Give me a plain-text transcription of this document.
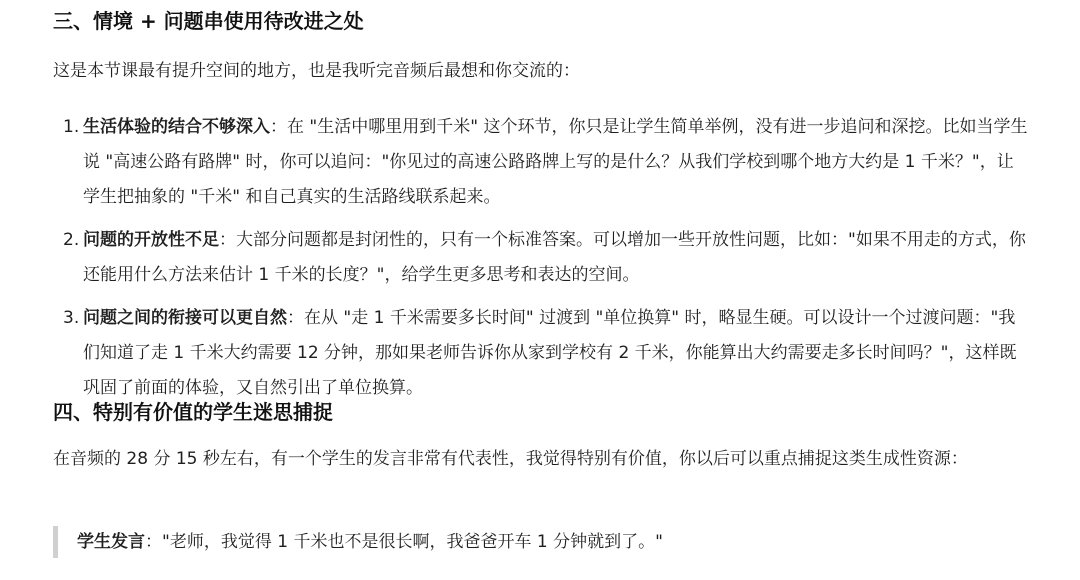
三、情境 + 问题串使用待改进之处

这是本节课最有提升空间的地方，也是我听完音频后最想和你交流的：

1. 生活体验的结合不够深入：在 "生活中哪里用到千米" 这个环节，你只是让学生简单举例，没有进一步追问和深挖。比如当学生说 "高速公路有路牌" 时，你可以追问："你见过的高速公路路牌上写的是什么？从我们学校到哪个地方大约是 1 千米？"，让学生把抽象的 "千米" 和自己真实的生活路线联系起来。
2. 问题的开放性不足：大部分问题都是封闭性的，只有一个标准答案。可以增加一些开放性问题，比如："如果不用走的方式，你还能用什么方法来估计 1 千米的长度？"，给学生更多思考和表达的空间。
3. 问题之间的衔接可以更自然：在从 "走 1 千米需要多长时间" 过渡到 "单位换算" 时，略显生硬。可以设计一个过渡问题："我们知道了走 1 千米大约需要 12 分钟，那如果老师告诉你从家到学校有 2 千米，你能算出大约需要走多长时间吗？"，这样既巩固了前面的体验，又自然引出了单位换算。
四、特别有价值的学生迷思捕捉

在音频的 28 分 15 秒左右，有一个学生的发言非常有代表性，我觉得特别有价值，你以后可以重点捕捉这类生成性资源：

学生发言："老师，我觉得 1 千米也不是很长啊，我爸爸开车 1 分钟就到了。"
